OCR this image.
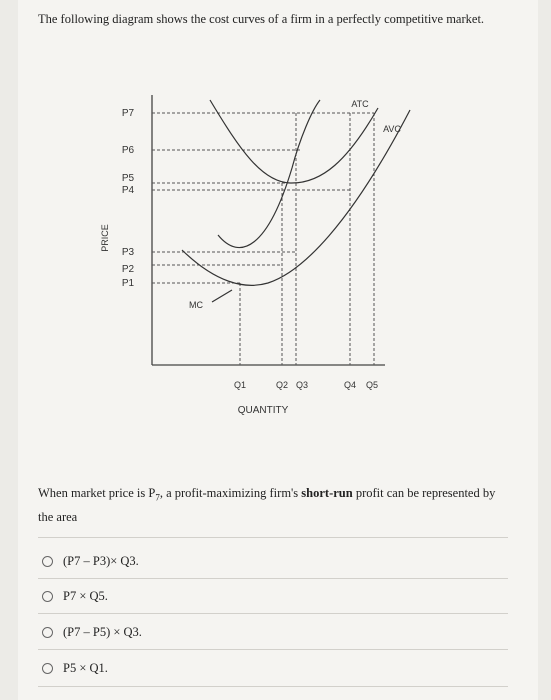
The following diagram shows the cost curves of a firm in a perfectly competitive market.
PRICE
P7
P6
P5
P4
P3
P2
P1
Q1	Q2 Q3	Q4 Q5
QUANTITY
ATC
AVC
MC
When market price is $P_7$, a profit-maximizing firm's short-run profit can be represented by the area
(P7 – P3)× Q3.
P7 × Q5.
(P7 – P5) × Q3.
P5 × Q1.
